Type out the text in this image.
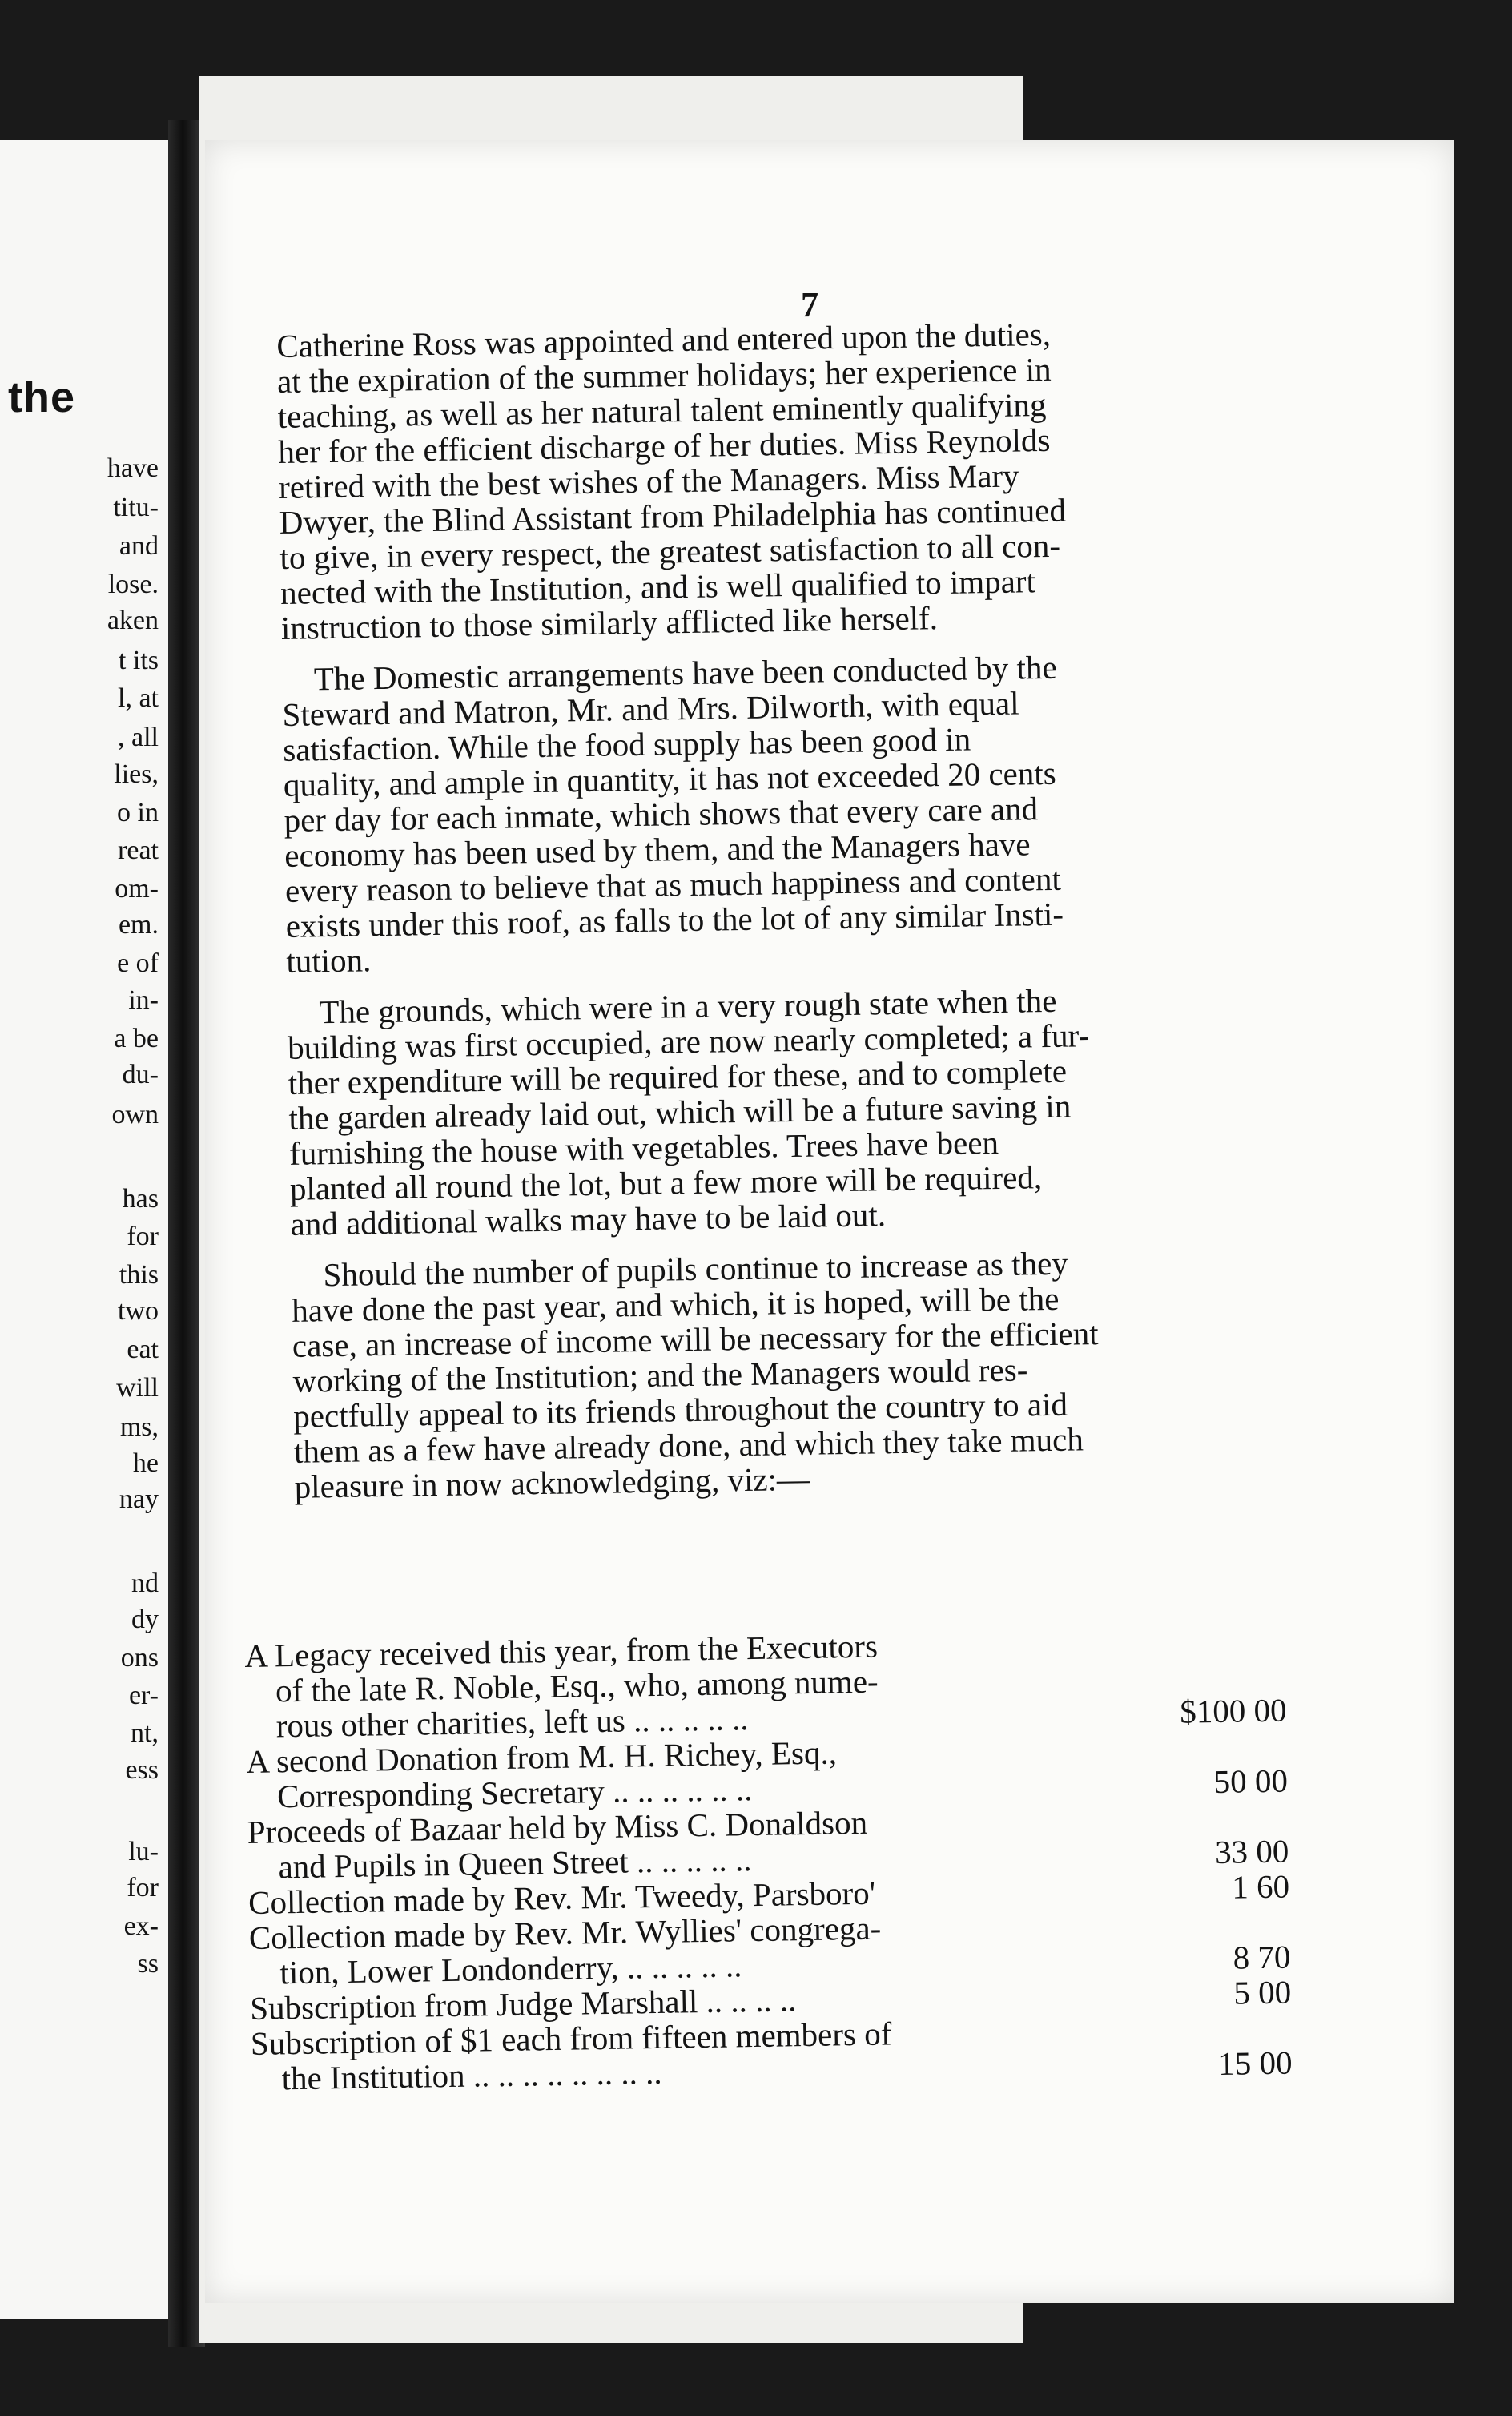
the
have
titu-
and
lose.
aken
t its
l, at
, all
lies,
o in
reat
om-
em.
e of
in-
a be
du-
own
has
for
this
two
eat
will
ms,
he
nay
nd
dy
ons
er-
nt,
ess
lu-
for
ex-
ss
7
Catherine Ross was appointed and entered upon the duties,
at the expiration of the summer holidays; her experience in
teaching, as well as her natural talent eminently qualifying
her for the efficient discharge of her duties. Miss Reynolds
retired with the best wishes of the Managers. Miss Mary
Dwyer, the Blind Assistant from Philadelphia has continued
to give, in every respect, the greatest satisfaction to all con-
nected with the Institution, and is well qualified to impart
instruction to those similarly afflicted like herself.
The Domestic arrangements have been conducted by the
Steward and Matron, Mr. and Mrs. Dilworth, with equal
satisfaction. While the food supply has been good in
quality, and ample in quantity, it has not exceeded 20 cents
per day for each inmate, which shows that every care and
economy has been used by them, and the Managers have
every reason to believe that as much happiness and content
exists under this roof, as falls to the lot of any similar Insti-
tution.
The grounds, which were in a very rough state when the
building was first occupied, are now nearly completed; a fur-
ther expenditure will be required for these, and to complete
the garden already laid out, which will be a future saving in
furnishing the house with vegetables. Trees have been
planted all round the lot, but a few more will be required,
and additional walks may have to be laid out.
Should the number of pupils continue to increase as they
have done the past year, and which, it is hoped, will be the
case, an increase of income will be necessary for the efficient
working of the Institution; and the Managers would res-
pectfully appeal to its friends throughout the country to aid
them as a few have already done, and which they take much
pleasure in now acknowledging, viz:—
A Legacy received this year, from the Executors
of the late R. Noble, Esq., who, among nume-
rous other charities, left us .. .. .. .. ..	$100 00
A second Donation from M. H. Richey, Esq.,
Corresponding Secretary .. .. .. .. .. ..	50 00
Proceeds of Bazaar held by Miss C. Donaldson
and Pupils in Queen Street .. .. .. .. ..	33 00
Collection made by Rev. Mr. Tweedy, Parsboro'	1 60
Collection made by Rev. Mr. Wyllies' congrega-
tion, Lower Londonderry, .. .. .. .. ..	8 70
Subscription from Judge Marshall .. .. .. ..	5 00
Subscription of $1 each from fifteen members of
the Institution .. .. .. .. .. .. .. ..	15 00
